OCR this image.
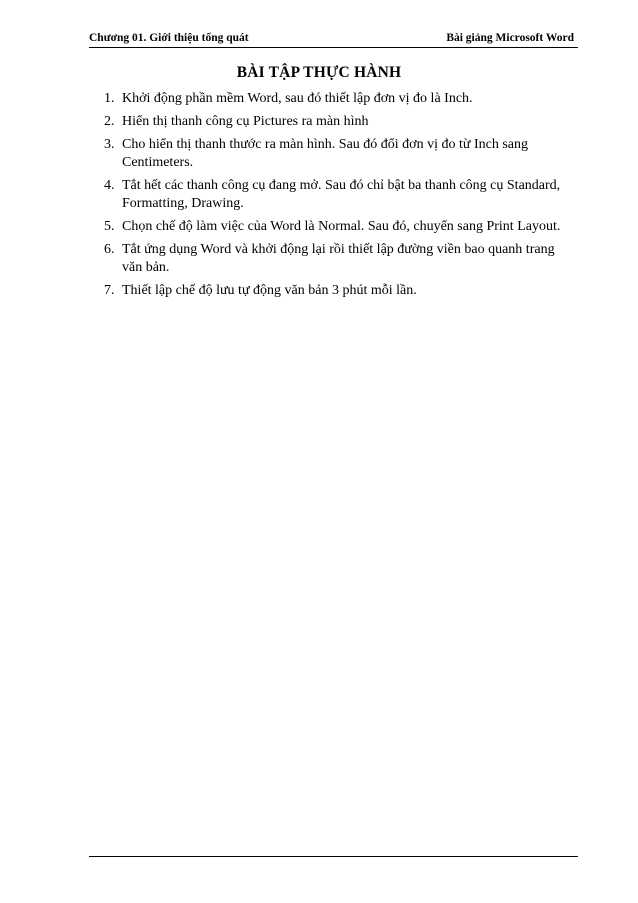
Chương 01. Giới thiệu tổng quát	Bài giảng Microsoft Word
BÀI TẬP THỰC HÀNH
1. Khởi động phần mềm Word, sau đó thiết lập đơn vị đo là Inch.
2. Hiển thị thanh công cụ Pictures ra màn hình
3. Cho hiển thị thanh thước ra màn hình. Sau đó đổi đơn vị đo từ Inch sang Centimeters.
4. Tắt hết các thanh công cụ đang mở. Sau đó chỉ bật ba thanh công cụ Standard, Formatting, Drawing.
5. Chọn chế độ làm việc của Word là Normal. Sau đó, chuyển sang Print Layout.
6. Tắt ứng dụng Word và khởi động lại rồi thiết lập đường viền bao quanh trang văn bản.
7. Thiết lập chế độ lưu tự động văn bản 3 phút mỗi lần.
